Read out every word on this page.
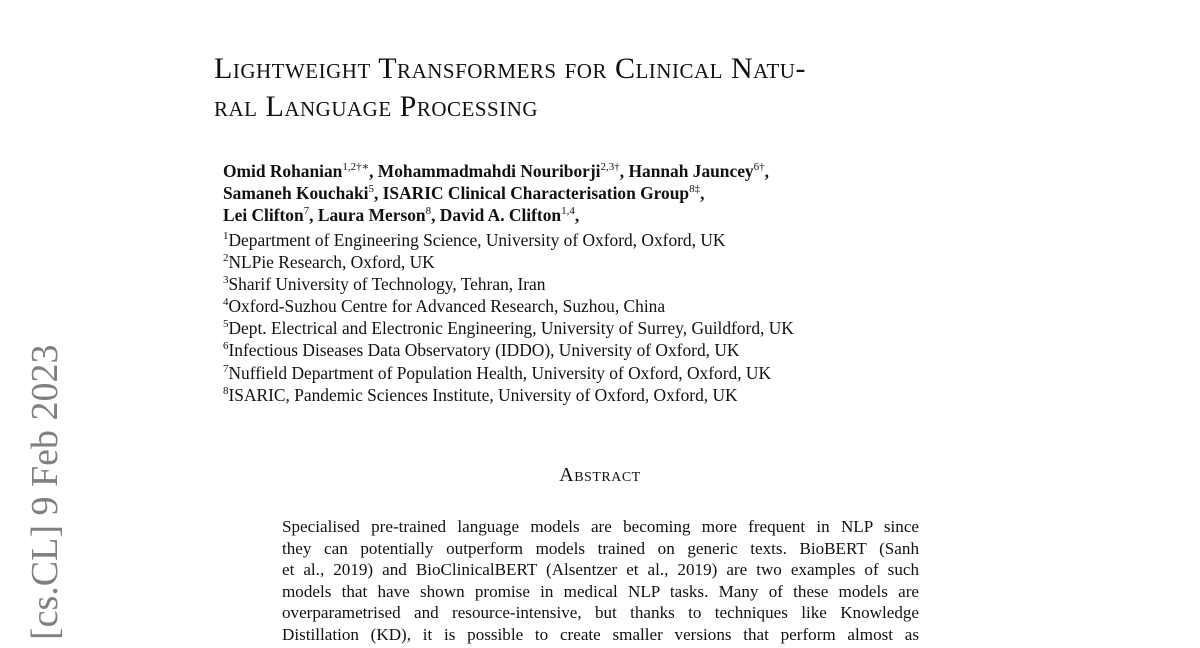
[cs.CL] 9 Feb 2023
Lightweight Transformers for Clinical Natu-
ral Language Processing
Omid Rohanian$^{1,2\dagger∗}$, Mohammadmahdi Nouriborji$^{2,3\dagger}$, Hannah Jauncey$^{6\dagger}$,
Samaneh Kouchaki$^5$, ISARIC Clinical Characterisation Group$^{8\ddagger}$,
Lei Clifton$^7$, Laura Merson$^8$, David A. Clifton$^{1,4}$,
$^1$Department of Engineering Science, University of Oxford, Oxford, UK
$^2$NLPie Research, Oxford, UK
$^3$Sharif University of Technology, Tehran, Iran
$^4$Oxford-Suzhou Centre for Advanced Research, Suzhou, China
$^5$Dept. Electrical and Electronic Engineering, University of Surrey, Guildford, UK
$^6$Infectious Diseases Data Observatory (IDDO), University of Oxford, UK
$^7$Nuffield Department of Population Health, University of Oxford, Oxford, UK
$^8$ISARIC, Pandemic Sciences Institute, University of Oxford, Oxford, UK
Abstract
Specialised pre-trained language models are becoming more frequent in NLP since
they can potentially outperform models trained on generic texts. BioBERT (Sanh
et al., 2019) and BioClinicalBERT (Alsentzer et al., 2019) are two examples of such
models that have shown promise in medical NLP tasks. Many of these models are
overparametrised and resource-intensive, but thanks to techniques like Knowledge
Distillation (KD), it is possible to create smaller versions that perform almost as
